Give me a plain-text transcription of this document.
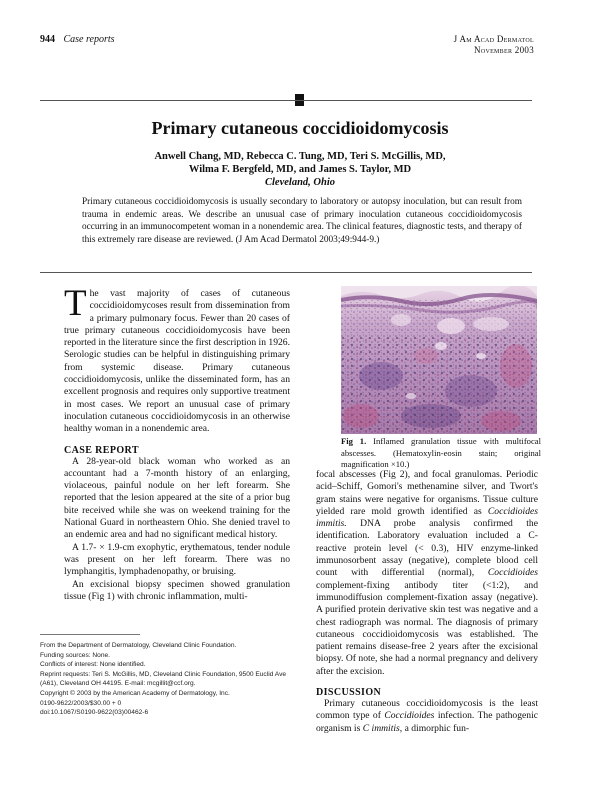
944 Case reports	J Am Acad Dermatol
November 2003
Primary cutaneous coccidioidomycosis
Anwell Chang, MD, Rebecca C. Tung, MD, Teri S. McGillis, MD,
Wilma F. Bergfeld, MD, and James S. Taylor, MD
Cleveland, Ohio
Primary cutaneous coccidioidomycosis is usually secondary to laboratory or autopsy inoculation, but can result from trauma in endemic areas. We describe an unusual case of primary inoculation cutaneous coccidioidomycosis occurring in an immunocompetent woman in a nonendemic area. The clinical features, diagnostic tests, and therapy of this extremely rare disease are reviewed. (J Am Acad Dermatol 2003;49:944-9.)

The vast majority of cases of cutaneous coccidioidomycoses result from dissemination from a primary pulmonary focus. Fewer than 20 cases of true primary cutaneous coccidioidomycosis have been reported in the literature since the first description in 1926. Serologic studies can be helpful in distinguishing primary from systemic disease. Primary cutaneous coccidioidomycosis, unlike the disseminated form, has an excellent prognosis and requires only supportive treatment in most cases. We report an unusual case of primary inoculation cutaneous coccidioidomycosis in an otherwise healthy woman in a nonendemic area.

CASE REPORT

A 28-year-old black woman who worked as an accountant had a 7-month history of an enlarging, violaceous, painful nodule on her left forearm. She reported that the lesion appeared at the site of a prior bug bite received while she was on weekend training for the National Guard in northeastern Ohio. She denied travel to an endemic area and had no significant medical history.

A 1.7- × 1.9-cm exophytic, erythematous, tender nodule was present on her left forearm. There was no lymphangitis, lymphadenopathy, or bruising.

An excisional biopsy specimen showed granulation tissue (Fig 1) with chronic inflammation, multi-

Fig 1. Inflamed granulation tissue with multifocal abscesses. (Hematoxylin-eosin stain; original magnification ×10.)

focal abscesses (Fig 2), and focal granulomas. Periodic acid–Schiff, Gomori's methenamine silver, and Twort's gram stains were negative for organisms. Tissue culture yielded rare mold growth identified as Coccidioides immitis. DNA probe analysis confirmed the identification. Laboratory evaluation included a C-reactive protein level (< 0.3), HIV enzyme-linked immunosorbent assay (negative), complete blood cell count with differential (normal), Coccidioides complement-fixing antibody titer (<1:2), and immunodiffusion complement-fixation assay (negative). A purified protein derivative skin test was negative and a chest radiograph was normal. The diagnosis of primary cutaneous coccidioidomycosis was established. The patient remains disease-free 2 years after the excisional biopsy. Of note, she had a normal pregnancy and delivery after the excision.

DISCUSSION

Primary cutaneous coccidioidomycosis is the least common type of Coccidioides infection. The pathogenic organism is C immitis, a dimorphic fun-

From the Department of Dermatology, Cleveland Clinic Foundation.
Funding sources: None.
Conflicts of interest: None identified.
Reprint requests: Teri S. McGillis, MD, Cleveland Clinic Foundation, 9500 Euclid Ave (A61), Cleveland OH 44195. E-mail: mcgillit@ccf.org.
Copyright © 2003 by the American Academy of Dermatology, Inc.
0190-9622/2003/$30.00 + 0
doi:10.1067/S0190-9622(03)00462-6
